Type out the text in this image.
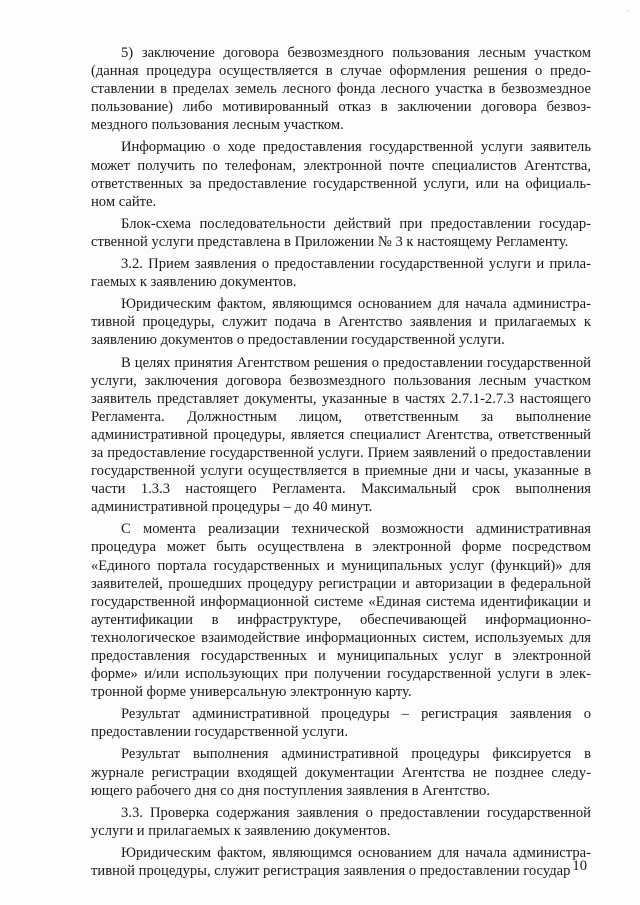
·

5) заключение договора безвозмездного пользования лесным участком (данная процедура осуществляется в случае оформления решения о предоставлении в пределах земель лесного фонда лесного участка в безвозмездное пользование) либо мотивированный отказ в заключении договора безвозмездного пользования лесным участком.

Информацию о ходе предоставления государственной услуги заявитель может получить по телефонам, электронной почте специалистов Агентства, ответственных за предоставление государственной услуги, или на официальном сайте.

Блок-схема последовательности действий при предоставлении государственной услуги представлена в Приложении № 3 к настоящему Регламенту.

3.2. Прием заявления о предоставлении государственной услуги и прилагаемых к заявлению документов.

Юридическим фактом, являющимся основанием для начала административной процедуры, служит подача в Агентство заявления и прилагаемых к заявлению документов о предоставлении государственной услуги.

В целях принятия Агентством решения о предоставлении государственной услуги, заключения договора безвозмездного пользования лесным участком заявитель представляет документы, указанные в частях 2.7.1-2.7.3 настоящего Регламента. Должностным лицом, ответственным за выполнение административной процедуры, является специалист Агентства, ответственный за предоставление государственной услуги. Прием заявлений о предоставлении государственной услуги осуществляется в приемные дни и часы, указанные в части 1.3.3 настоящего Регламента. Максимальный срок выполнения административной процедуры – до 40 минут.

С момента реализации технической возможности административная процедура может быть осуществлена в электронной форме посредством «Единого портала государственных и муниципальных услуг (функций)» для заявителей, прошедших процедуру регистрации и авторизации в федеральной государственной информационной системе «Единая система идентификации и аутентификации в инфраструктуре, обеспечивающей информационно-технологическое взаимодействие информационных систем, используемых для предоставления государственных и муниципальных услуг в электронной форме» и/или использующих при получении государственной услуги в электронной форме универсальную электронную карту.

Результат административной процедуры – регистрация заявления о предоставлении государственной услуги.

Результат выполнения административной процедуры фиксируется в журнале регистрации входящей документации Агентства не позднее следующего рабочего дня со дня поступления заявления в Агентство.

3.3. Проверка содержания заявления о предоставлении государственной услуги и прилагаемых к заявлению документов.

Юридическим фактом, являющимся основанием для начала административной процедуры, служит регистрация заявления о предоставлении государ 10
